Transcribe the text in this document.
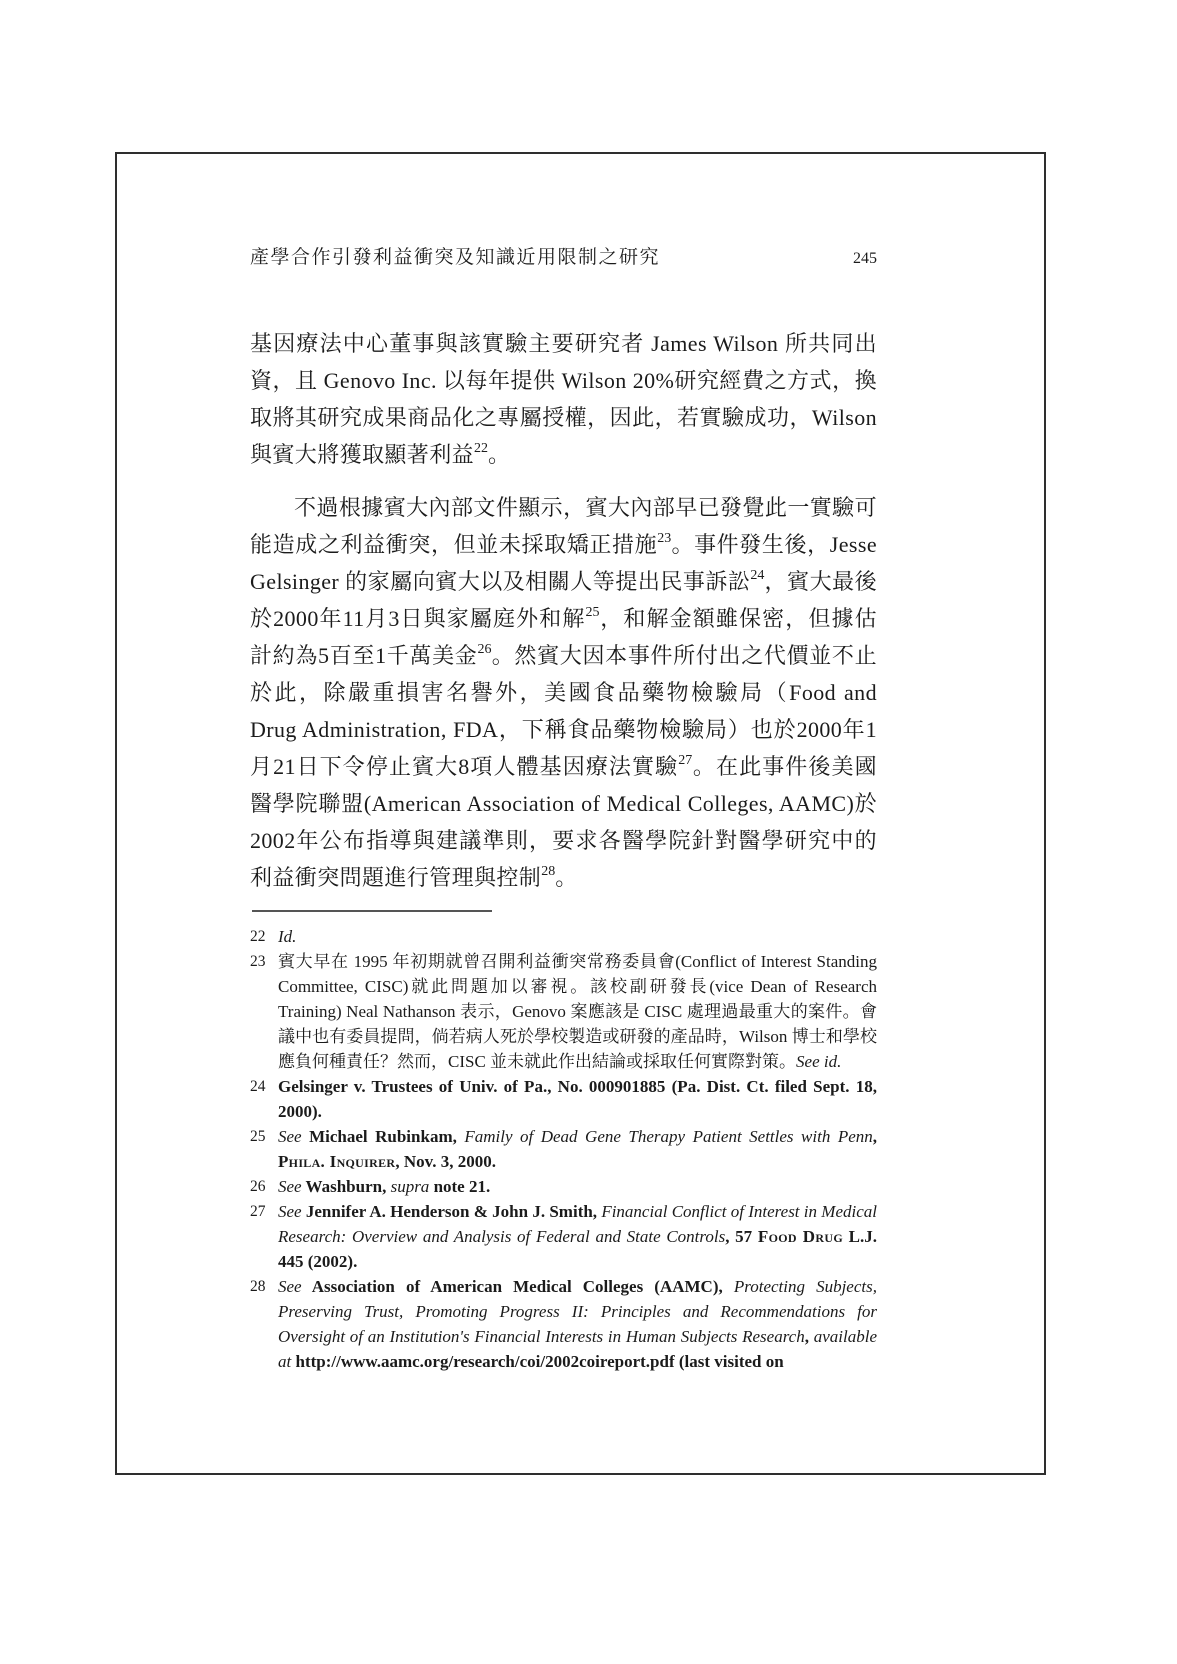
產學合作引發利益衝突及知識近用限制之研究	245
基因療法中心董事與該實驗主要研究者 James Wilson 所共同出資，且 Genovo Inc. 以每年提供 Wilson 20%研究經費之方式，換取將其研究成果商品化之專屬授權，因此，若實驗成功，Wilson 與賓大將獲取顯著利益$^{22}$。
不過根據賓大內部文件顯示，賓大內部早已發覺此一實驗可能造成之利益衝突，但並未採取矯正措施$^{23}$。事件發生後，Jesse Gelsinger 的家屬向賓大以及相關人等提出民事訴訟$^{24}$，賓大最後於2000年11月3日與家屬庭外和解$^{25}$，和解金額雖保密，但據估計約為5百至1千萬美金$^{26}$。然賓大因本事件所付出之代價並不止於此，除嚴重損害名譽外，美國食品藥物檢驗局（Food and Drug Administration, FDA，下稱食品藥物檢驗局）也於2000年1月21日下令停止賓大8項人體基因療法實驗$^{27}$。在此事件後美國醫學院聯盟(American Association of Medical Colleges, AAMC)於2002年公布指導與建議準則，要求各醫學院針對醫學研究中的利益衝突問題進行管理與控制$^{28}$。
22 Id.
23 賓大早在 1995 年初期就曾召開利益衝突常務委員會(Conflict of Interest Standing Committee, CISC)就此問題加以審視。該校副研發長(vice Dean of Research Training) Neal Nathanson 表示，Genovo 案應該是 CISC 處理過最重大的案件。會議中也有委員提問，倘若病人死於學校製造或研發的產品時，Wilson 博士和學校應負何種責任？然而，CISC 並未就此作出結論或採取任何實際對策。See id.
24 Gelsinger v. Trustees of Univ. of Pa., No. 000901885 (Pa. Dist. Ct. filed Sept. 18, 2000).
25 See Michael Rubinkam, Family of Dead Gene Therapy Patient Settles with Penn, Phila. Inquirer, Nov. 3, 2000.
26 See Washburn, supra note 21.
27 See Jennifer A. Henderson & John J. Smith, Financial Conflict of Interest in Medical Research: Overview and Analysis of Federal and State Controls, 57 Food Drug L.J. 445 (2002).
28 See Association of American Medical Colleges (AAMC), Protecting Subjects, Preserving Trust, Promoting Progress II: Principles and Recommendations for Oversight of an Institution's Financial Interests in Human Subjects Research, available at http://www.aamc.org/research/coi/2002coireport.pdf (last visited on
